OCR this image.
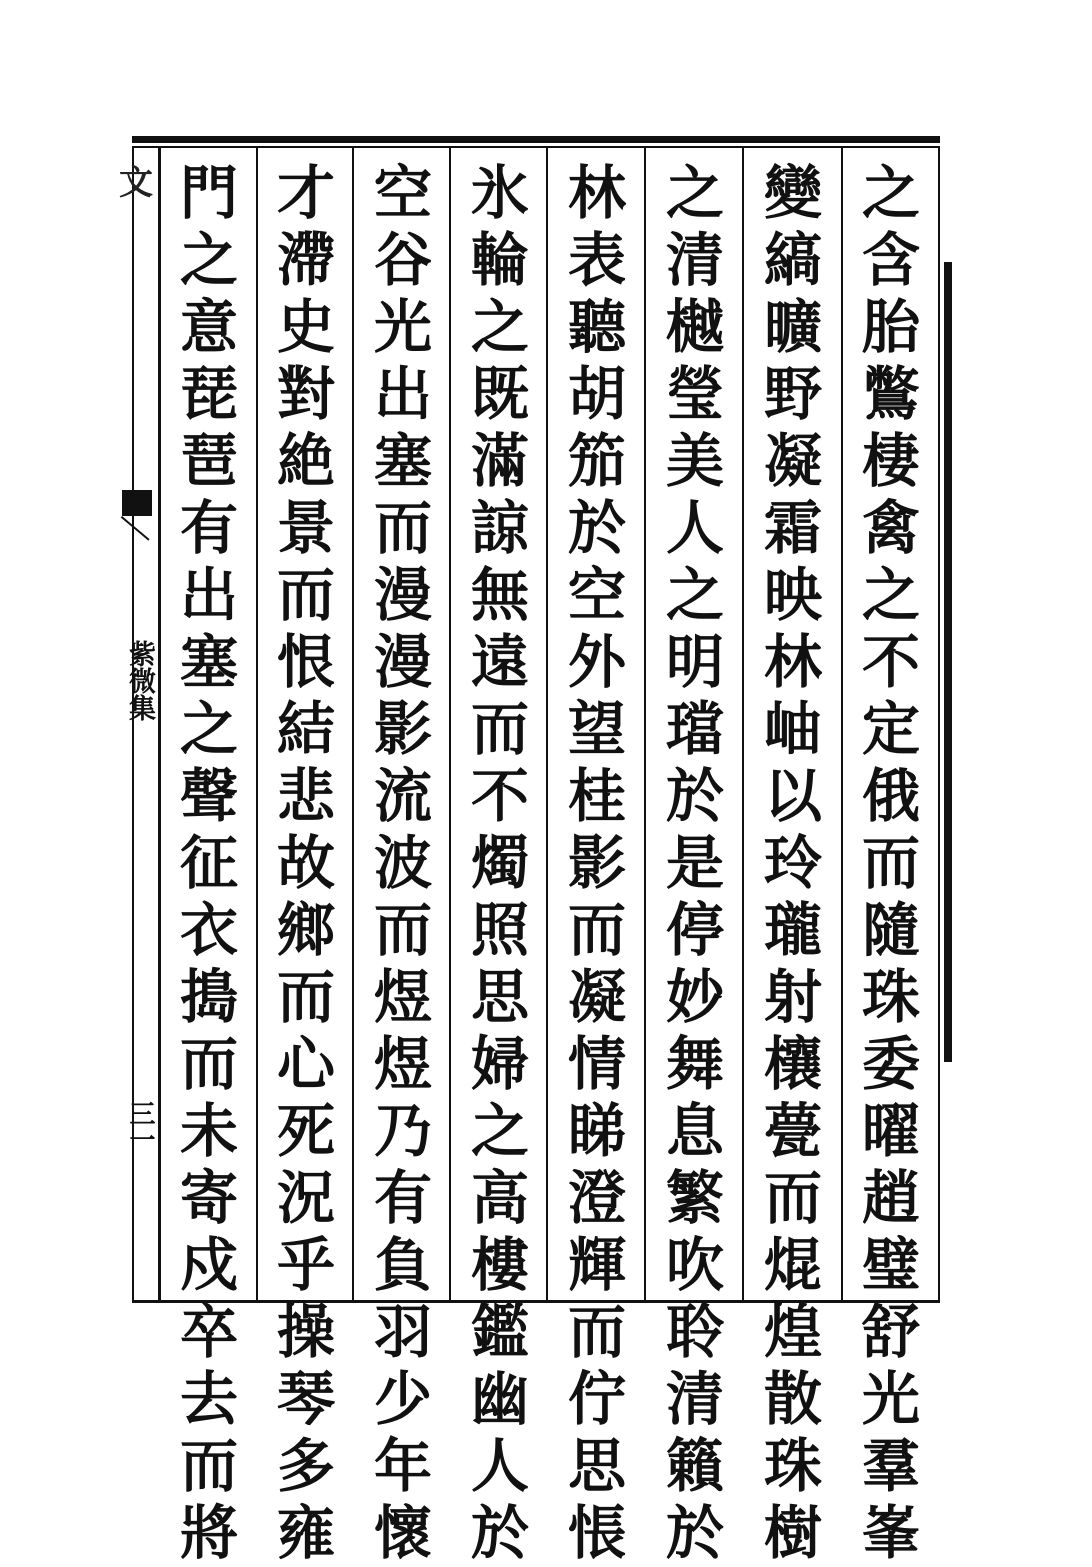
文
紫微集
三一
之
含
胎
鷩
棲
禽
之
不
定
俄
而
隨
珠
委
曜
趙
璧
舒
光
羣
峯
變
縞
曠
野
凝
霜
映
林
岫
以
玲
瓏
射
欀
甍
而
焜
煌
散
珠
樹
之
清
樾
瑩
美
人
之
明
璫
於
是
停
妙
舞
息
繁
吹
聆
清
籟
於
林
表
聽
胡
笳
於
空
外
望
桂
影
而
凝
情
睇
澄
輝
而
佇
思
悵
氷
輪
之
既
滿
諒
無
遠
而
不
燭
照
思
婦
之
高
樓
鑑
幽
人
於
空
谷
光
出
塞
而
漫
漫
影
流
波
而
煜
煜
乃
有
負
羽
少
年
懷
才
滯
史
對
絶
景
而
恨
結
悲
故
鄉
而
心
死
況
乎
操
琴
多
雍
門
之
意
琵
琶
有
出
塞
之
聲
征
衣
搗
而
未
寄
戍
卒
去
而
將
